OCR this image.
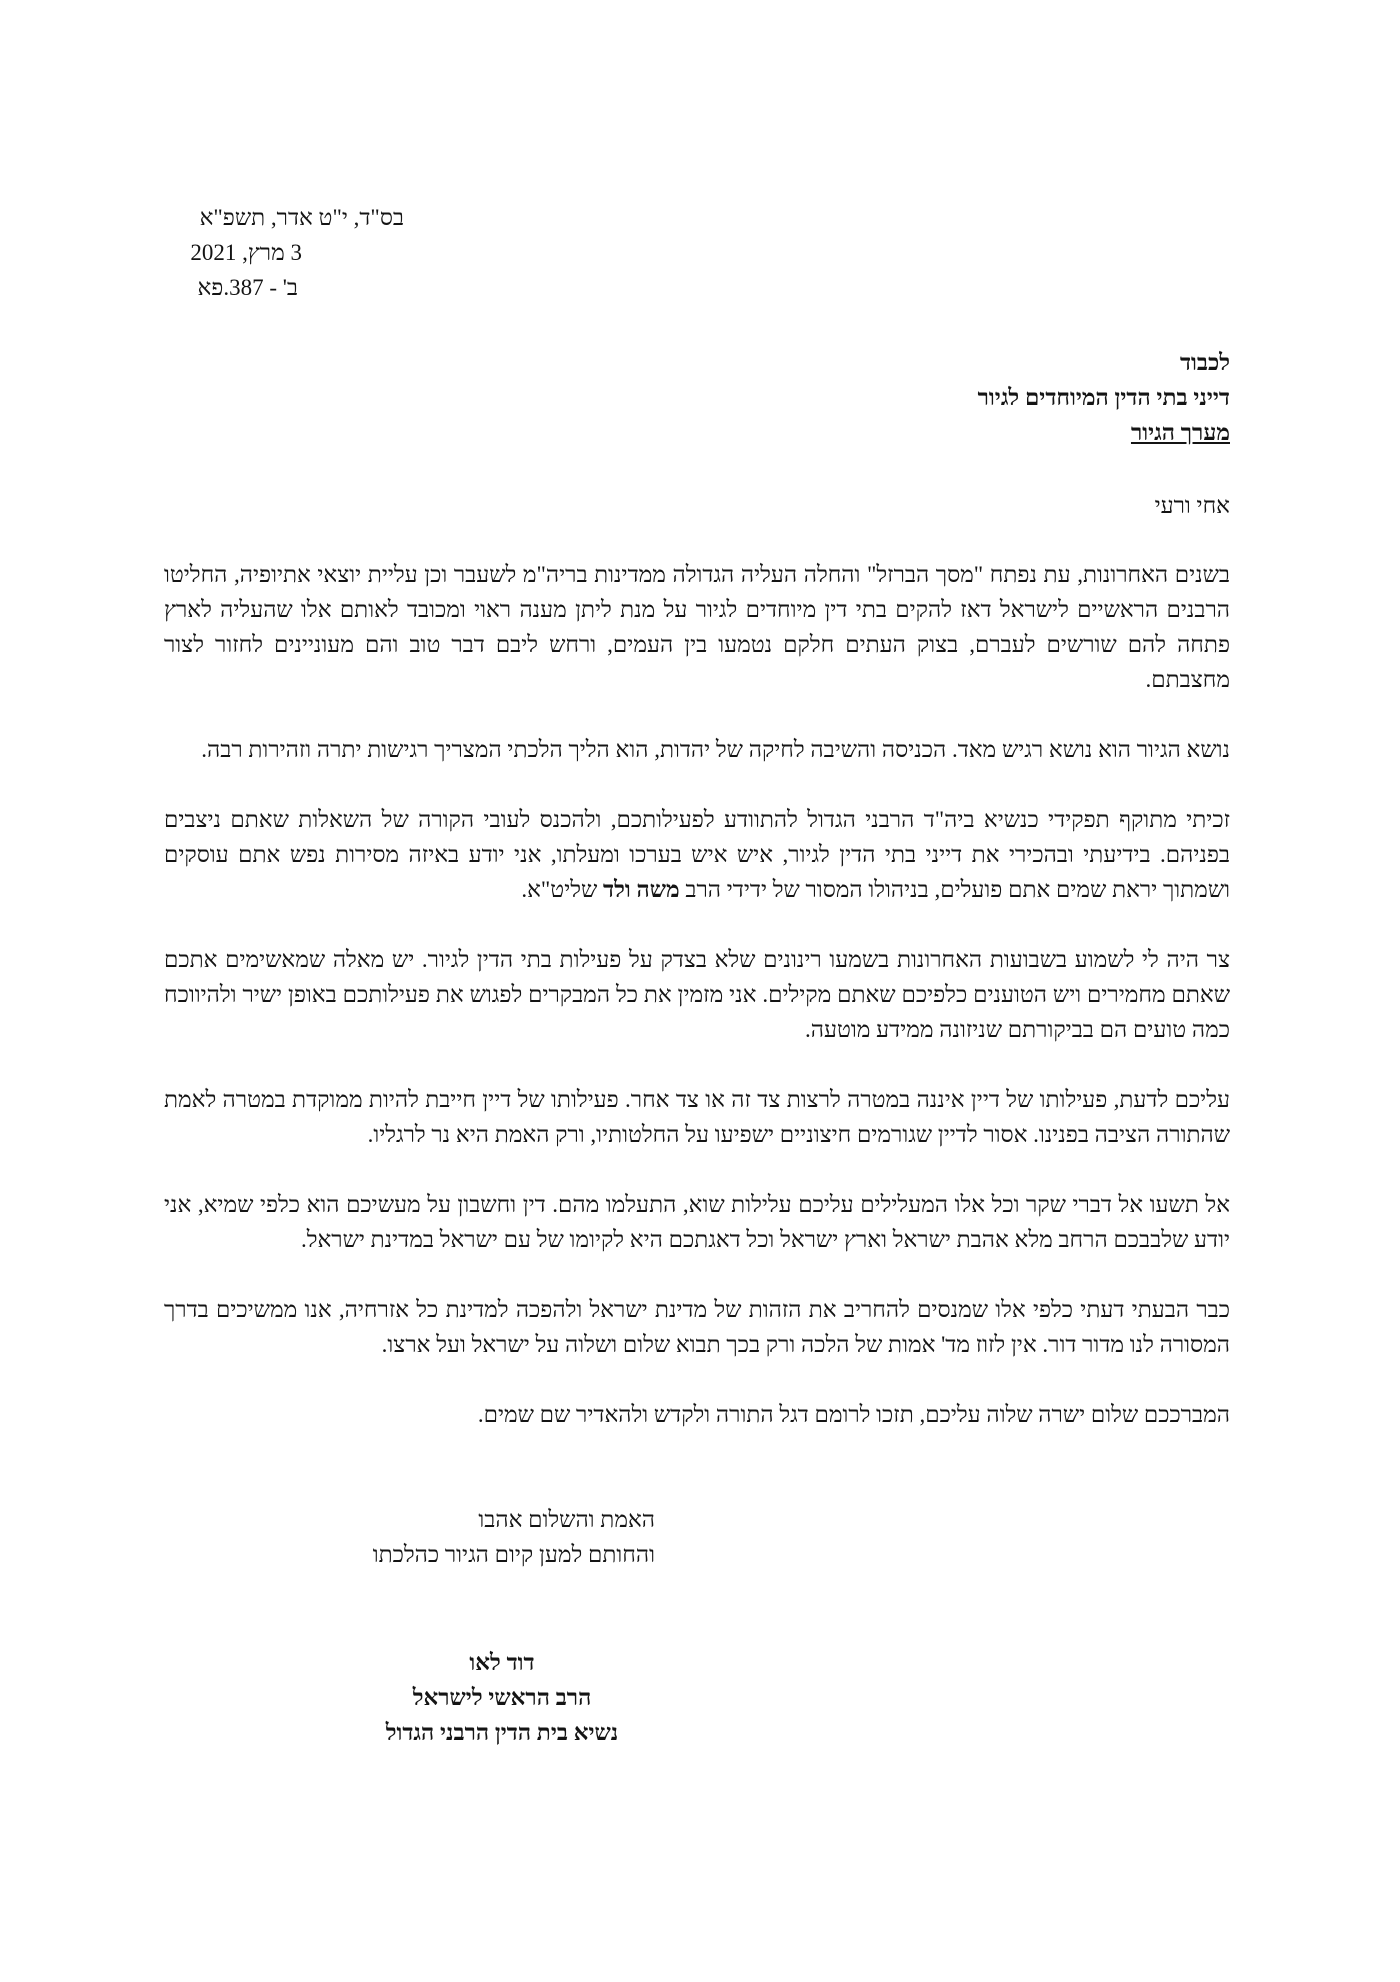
בס"ד, י"ט אדר, תשפ"א
3 מרץ, 2021
ב' - 387.פא
לכבוד
דייני בתי הדין המיוחדים לגיור
מערך הגיור
אחי ורעי

בשנים האחרונות, עת נפתח "מסך הברזל" והחלה העליה הגדולה ממדינות בריה"מ לשעבר וכן עליית יוצאי אתיופיה, החליטו הרבנים הראשיים לישראל דאז להקים בתי דין מיוחדים לגיור על מנת ליתן מענה ראוי ומכובד לאותם אלו שהעליה לארץ פתחה להם שורשים לעברם, בצוק העתים חלקם נטמעו בין העמים, ורחש ליבם דבר טוב והם מעוניינים לחזור לצור מחצבתם.

נושא הגיור הוא נושא רגיש מאד. הכניסה והשיבה לחיקה של יהדות, הוא הליך הלכתי המצריך רגישות יתרה וזהירות רבה.

זכיתי מתוקף תפקידי כנשיא ביה"ד הרבני הגדול להתוודע לפעילותכם, ולהכנס לעובי הקורה של השאלות שאתם ניצבים בפניהם. בידיעתי ובהכירי את דייני בתי הדין לגיור, איש איש בערכו ומעלתו, אני יודע באיזה מסירות נפש אתם עוסקים ושמתוך יראת שמים אתם פועלים, בניהולו המסור של ידידי הרב משה ולד שליט"א.

צר היה לי לשמוע בשבועות האחרונות בשמעו רינונים שלא בצדק על פעילות בתי הדין לגיור. יש מאלה שמאשימים אתכם שאתם מחמירים ויש הטוענים כלפיכם שאתם מקילים. אני מזמין את כל המבקרים לפגוש את פעילותכם באופן ישיר ולהיווכח כמה טועים הם בביקורתם שניזונה ממידע מוטעה.

עליכם לדעת, פעילותו של דיין איננה במטרה לרצות צד זה או צד אחר. פעילותו של דיין חייבת להיות ממוקדת במטרה לאמת שהתורה הציבה בפנינו. אסור לדיין שגורמים חיצוניים ישפיעו על החלטותיו, ורק האמת היא נר לרגליו.

אל תשעו אל דברי שקר וכל אלו המעלילים עליכם עלילות שוא, התעלמו מהם. דין וחשבון על מעשיכם הוא כלפי שמיא, אני יודע שלבבכם הרחב מלא אהבת ישראל וארץ ישראל וכל דאגתכם היא לקיומו של עם ישראל במדינת ישראל.

כבר הבעתי דעתי כלפי אלו שמנסים להחריב את הזהות של מדינת ישראל ולהפכה למדינת כל אזרחיה, אנו ממשיכים בדרך המסורה לנו מדור דור. אין לזוז מד' אמות של הלכה ורק בכך תבוא שלום ושלוה על ישראל ועל ארצו.

המברככם שלום ישרה שלוה עליכם, תזכו לרומם דגל התורה ולקדש ולהאדיר שם שמים.

האמת והשלום אהבו
והחותם למען קיום הגיור כהלכתו
דוד לאו
הרב הראשי לישראל
נשיא בית הדין הרבני הגדול
